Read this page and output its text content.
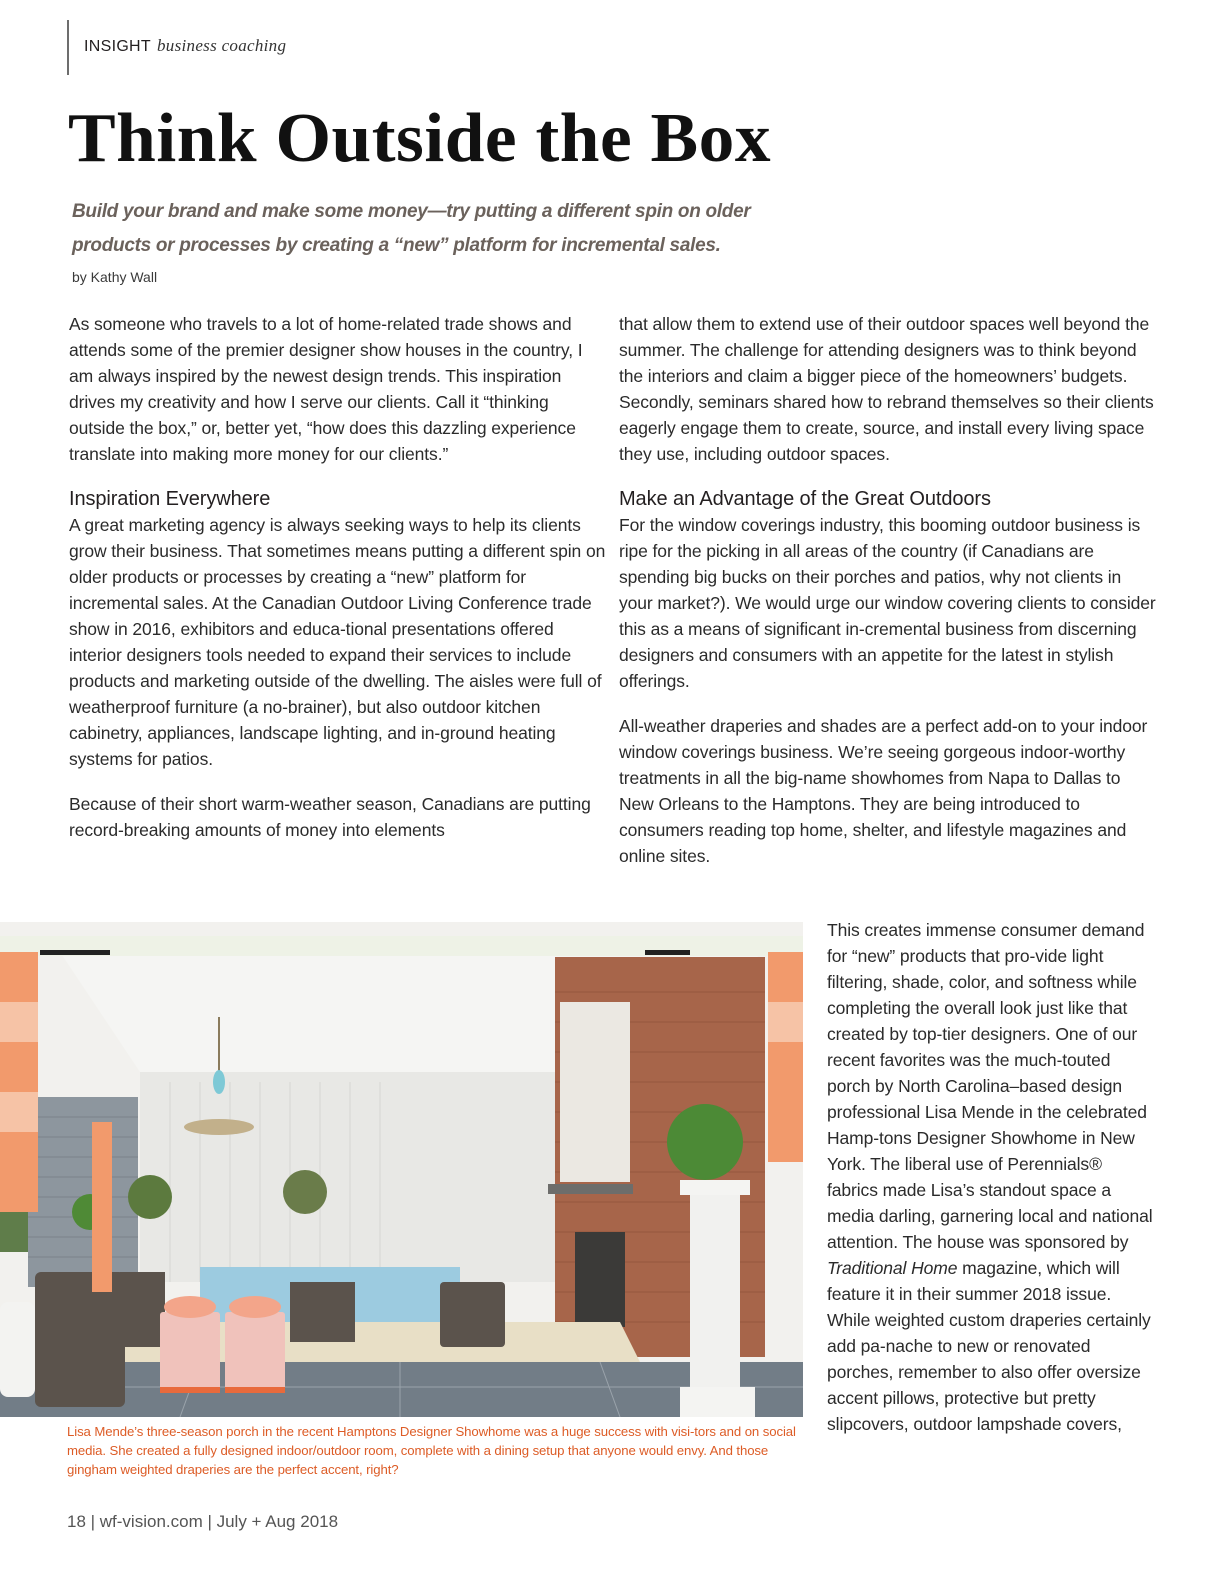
INSIGHT business coaching
Think Outside the Box

Build your brand and make some money—try putting a different spin on older products or processes by creating a “new” platform for incremental sales.

by Kathy Wall

As someone who travels to a lot of home-related trade shows and attends some of the premier designer show houses in the country, I am always inspired by the newest design trends. This inspiration drives my creativity and how I serve our clients. Call it “thinking outside the box,” or, better yet, “how does this dazzling experience translate into making more money for our clients.”

Inspiration Everywhere

A great marketing agency is always seeking ways to help its clients grow their business. That sometimes means putting a different spin on older products or processes by creating a “new” platform for incremental sales. At the Canadian Outdoor Living Conference trade show in 2016, exhibitors and educa-tional presentations offered interior designers tools needed to expand their services to include products and marketing outside of the dwelling. The aisles were full of weatherproof furniture (a no-brainer), but also outdoor kitchen cabinetry, appliances, landscape lighting, and in-ground heating systems for patios.

Because of their short warm-weather season, Canadians are putting record-breaking amounts of money into elements

that allow them to extend use of their outdoor spaces well beyond the summer. The challenge for attending designers was to think beyond the interiors and claim a bigger piece of the homeowners’ budgets. Secondly, seminars shared how to rebrand themselves so their clients eagerly engage them to create, source, and install every living space they use, including outdoor spaces.

Make an Advantage of the Great Outdoors

For the window coverings industry, this booming outdoor business is ripe for the picking in all areas of the country (if Canadians are spending big bucks on their porches and patios, why not clients in your market?). We would urge our window covering clients to consider this as a means of significant in-cremental business from discerning designers and consumers with an appetite for the latest in stylish offerings.

All-weather draperies and shades are a perfect add-on to your indoor window coverings business. We’re seeing gorgeous indoor-worthy treatments in all the big-name showhomes from Napa to Dallas to New Orleans to the Hamptons. They are being introduced to consumers reading top home, shelter, and lifestyle magazines and online sites.

This creates immense consumer demand for “new” products that pro-vide light filtering, shade, color, and softness while completing the overall look just like that created by top-tier designers. One of our recent favorites was the much-touted porch by North Carolina–based design professional Lisa Mende in the celebrated Hamp-tons Designer Showhome in New York. The liberal use of Perennials® fabrics made Lisa’s standout space a media darling, garnering local and national attention. The house was sponsored by Traditional Home magazine, which will feature it in their summer 2018 issue. While weighted custom draperies certainly add pa-nache to new or renovated porches, remember to also offer oversize accent pillows, protective but pretty slipcovers, outdoor lampshade covers,

Lisa Mende’s three-season porch in the recent Hamptons Designer Showhome was a huge success with visi-tors and on social media. She created a fully designed indoor/outdoor room, complete with a dining setup that anyone would envy. And those gingham weighted draperies are the perfect accent, right?

18 | wf-vision.com | July + Aug 2018
